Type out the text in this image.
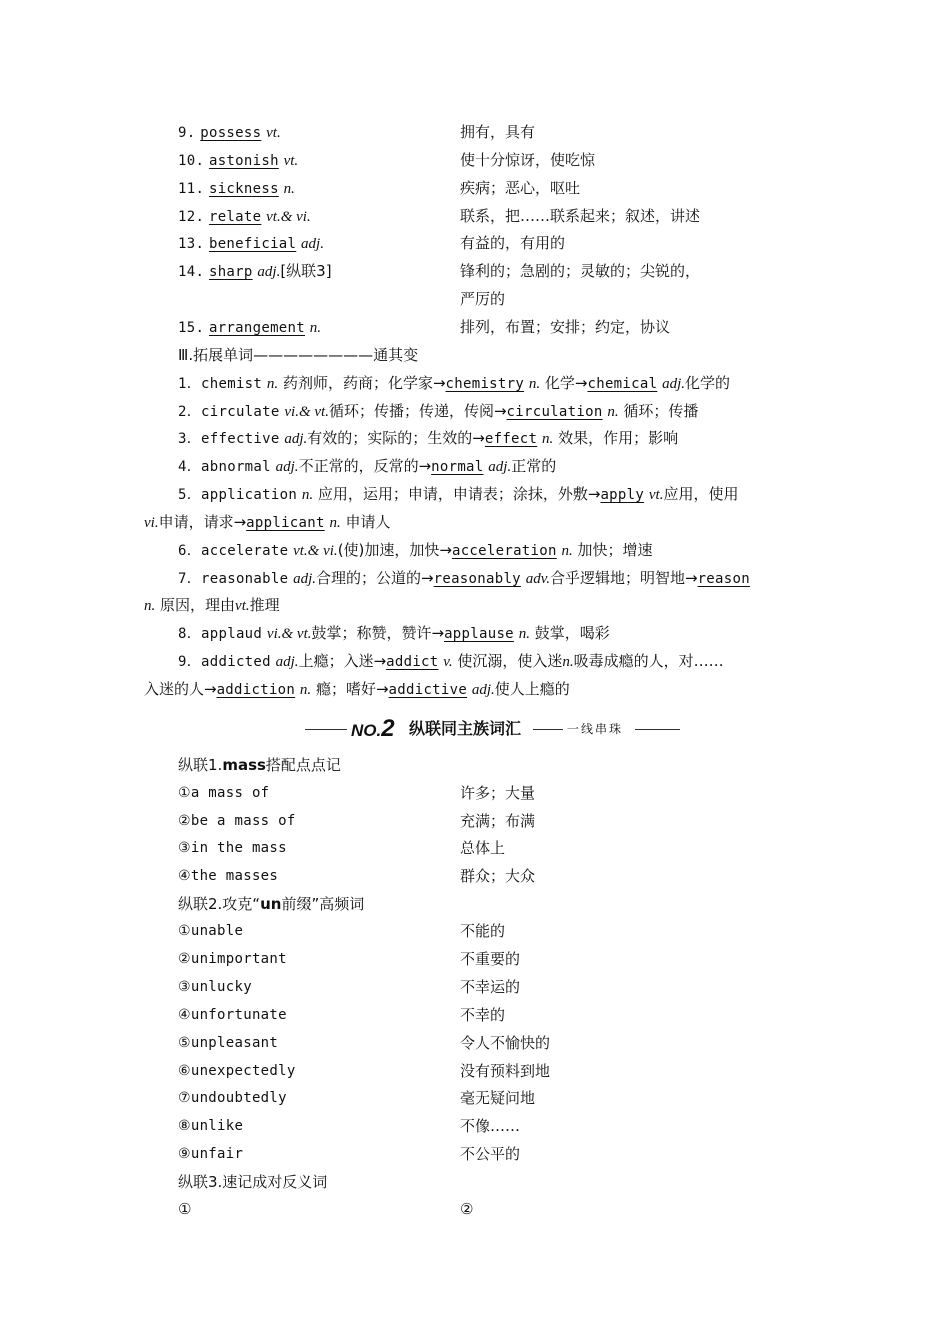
9. possess vt.	拥有，具有
10. astonish vt.	使十分惊讶，使吃惊
11. sickness n.	疾病；恶心，呕吐
12. relate vt.& vi.	联系，把……联系起来；叙述，讲述
13. beneficial adj.	有益的，有用的
14. sharp adj.[纵联3]	锋利的；急剧的；灵敏的；尖锐的，
严厉的
15. arrangement n.	排列，布置；安排；约定，协议
Ⅲ.拓展单词————————通其变
1．chemist n. 药剂师，药商；化学家→chemistry n. 化学→chemical adj.化学的
2．circulate vi.& vt.循环；传播；传递，传阅→circulation n. 循环；传播
3．effective adj.有效的；实际的；生效的→effect n. 效果，作用；影响
4．abnormal adj.不正常的，反常的→normal adj.正常的
5．application n. 应用，运用；申请，申请表；涂抹，外敷→apply vt.应用，使用
vi.申请，请求→applicant n. 申请人
6．accelerate vt.& vi.(使)加速，加快→acceleration n. 加快；增速
7．reasonable adj.合理的；公道的→reasonably adv.合乎逻辑地；明智地→reason
n. 原因，理由vt.推理
8．applaud vi.& vt.鼓掌；称赞，赞许→applause n. 鼓掌，喝彩
9．addicted adj.上瘾；入迷→addict v. 使沉溺，使入迷n.吸毒成瘾的人，对……
入迷的人→addiction n. 瘾；嗜好→addictive adj.使人上瘾的
NO.2 纵联同主族词汇	一线串珠
纵联1.mass搭配点点记
①a mass of	许多；大量
②be a mass of	充满；布满
③in the mass	总体上
④the masses	群众；大众
纵联2.攻克“un前缀”高频词
①unable	不能的
②unimportant	不重要的
③unlucky	不幸运的
④unfortunate	不幸的
⑤unpleasant	令人不愉快的
⑥unexpectedly	没有预料到地
⑦undoubtedly	毫无疑问地
⑧unlike	不像……
⑨unfair	不公平的
纵联3.速记成对反义词
①	②
